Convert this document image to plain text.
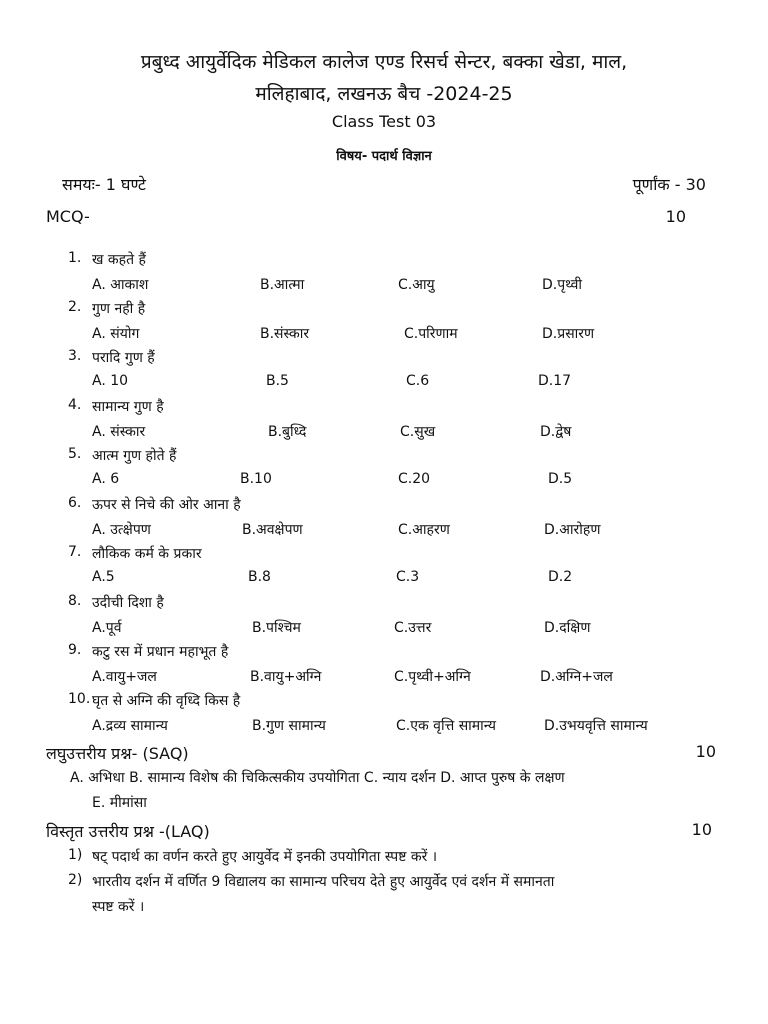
प्रबुध्द आयुर्वेदिक मेडिकल कालेज एण्ड रिसर्च सेन्टर, बक्का खेडा, माल,
मलिहाबाद, लखनऊ बैच -2024-25
Class Test 03
विषय- पदार्थ विज्ञान
समयः- 1 घण्टे	पूर्णांक - 30
MCQ-	10
1. ख कहते हैं
A. आकाश	B.आत्मा	C.आयु	D.पृथ्वी
2. गुण नही है
A. संयोग	B.संस्कार	C.परिणाम	D.प्रसारण
3. परादि गुण हैं
A. 10	B.5	C.6	D.17
4. सामान्य गुण है
A. संस्कार	B.बुध्दि	C.सुख	D.द्वेष
5. आत्म गुण होते हैं
A. 6	B.10	C.20	D.5
6. ऊपर से निचे की ओर आना है
A. उत्क्षेपण	B.अवक्षेपण	C.आहरण	D.आरोहण
7. लौकिक कर्म के प्रकार
A.5	B.8	C.3	D.2
8. उदीची दिशा है
A.पूर्व	B.पश्चिम	C.उत्तर	D.दक्षिण
9. कटु रस में प्रधान महाभूत है
A.वायु+जल	B.वायु+अग्नि	C.पृथ्वी+अग्नि	D.अग्नि+जल
10. घृत से अग्नि की वृध्दि किस है
A.द्रव्य सामान्य	B.गुण सामान्य	C.एक वृत्ति सामान्य	D.उभयवृत्ति सामान्य
लघुउत्तरीय प्रश्न- (SAQ)	10
A. अभिधा B. सामान्य विशेष की चिकित्सकीय उपयोगिता C. न्याय दर्शन D. आप्त पुरुष के लक्षण
E. मीमांसा
विस्तृत उत्तरीय प्रश्न -(LAQ)	10
1) षट् पदार्थ का वर्णन करते हुए आयुर्वेद में इनकी उपयोगिता स्पष्ट करें ।
2) भारतीय दर्शन में वर्णित 9 विद्यालय का सामान्य परिचय देते हुए आयुर्वेद एवं दर्शन में समानता
स्पष्ट करें ।
